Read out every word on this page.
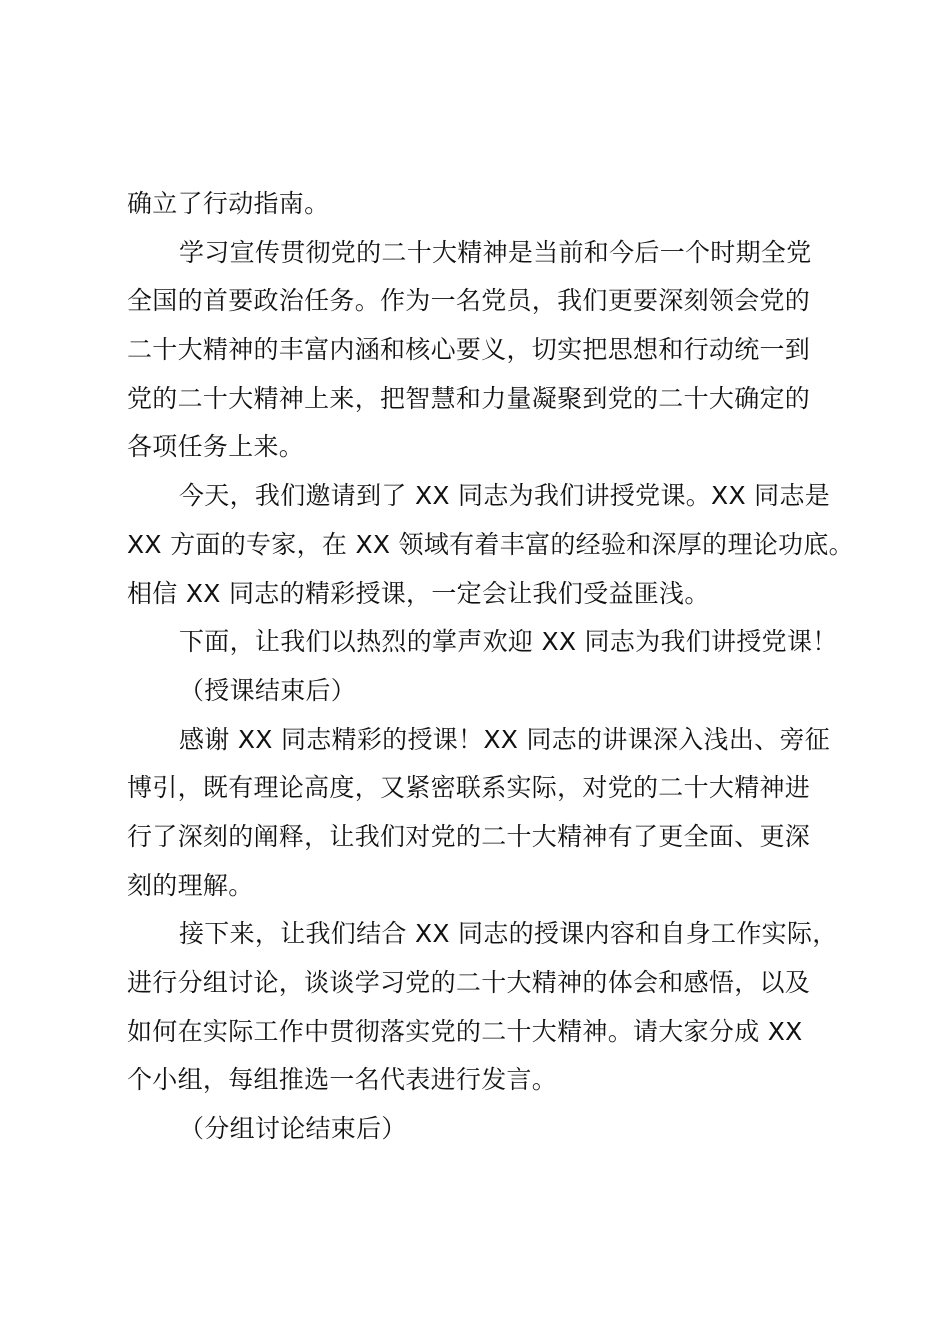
确立了行动指南。
学习宣传贯彻党的二十大精神是当前和今后一个时期全党
全国的首要政治任务。作为一名党员，我们更要深刻领会党的
二十大精神的丰富内涵和核心要义，切实把思想和行动统一到
党的二十大精神上来，把智慧和力量凝聚到党的二十大确定的
各项任务上来。
今天，我们邀请到了 XX 同志为我们讲授党课。XX 同志是
XX 方面的专家，在 XX 领域有着丰富的经验和深厚的理论功底。
相信 XX 同志的精彩授课，一定会让我们受益匪浅。
下面，让我们以热烈的掌声欢迎 XX 同志为我们讲授党课！
（授课结束后）
感谢 XX 同志精彩的授课！XX 同志的讲课深入浅出、旁征
博引，既有理论高度，又紧密联系实际，对党的二十大精神进
行了深刻的阐释，让我们对党的二十大精神有了更全面、更深
刻的理解。
接下来，让我们结合 XX 同志的授课内容和自身工作实际，
进行分组讨论，谈谈学习党的二十大精神的体会和感悟，以及
如何在实际工作中贯彻落实党的二十大精神。请大家分成 XX
个小组，每组推选一名代表进行发言。
（分组讨论结束后）
